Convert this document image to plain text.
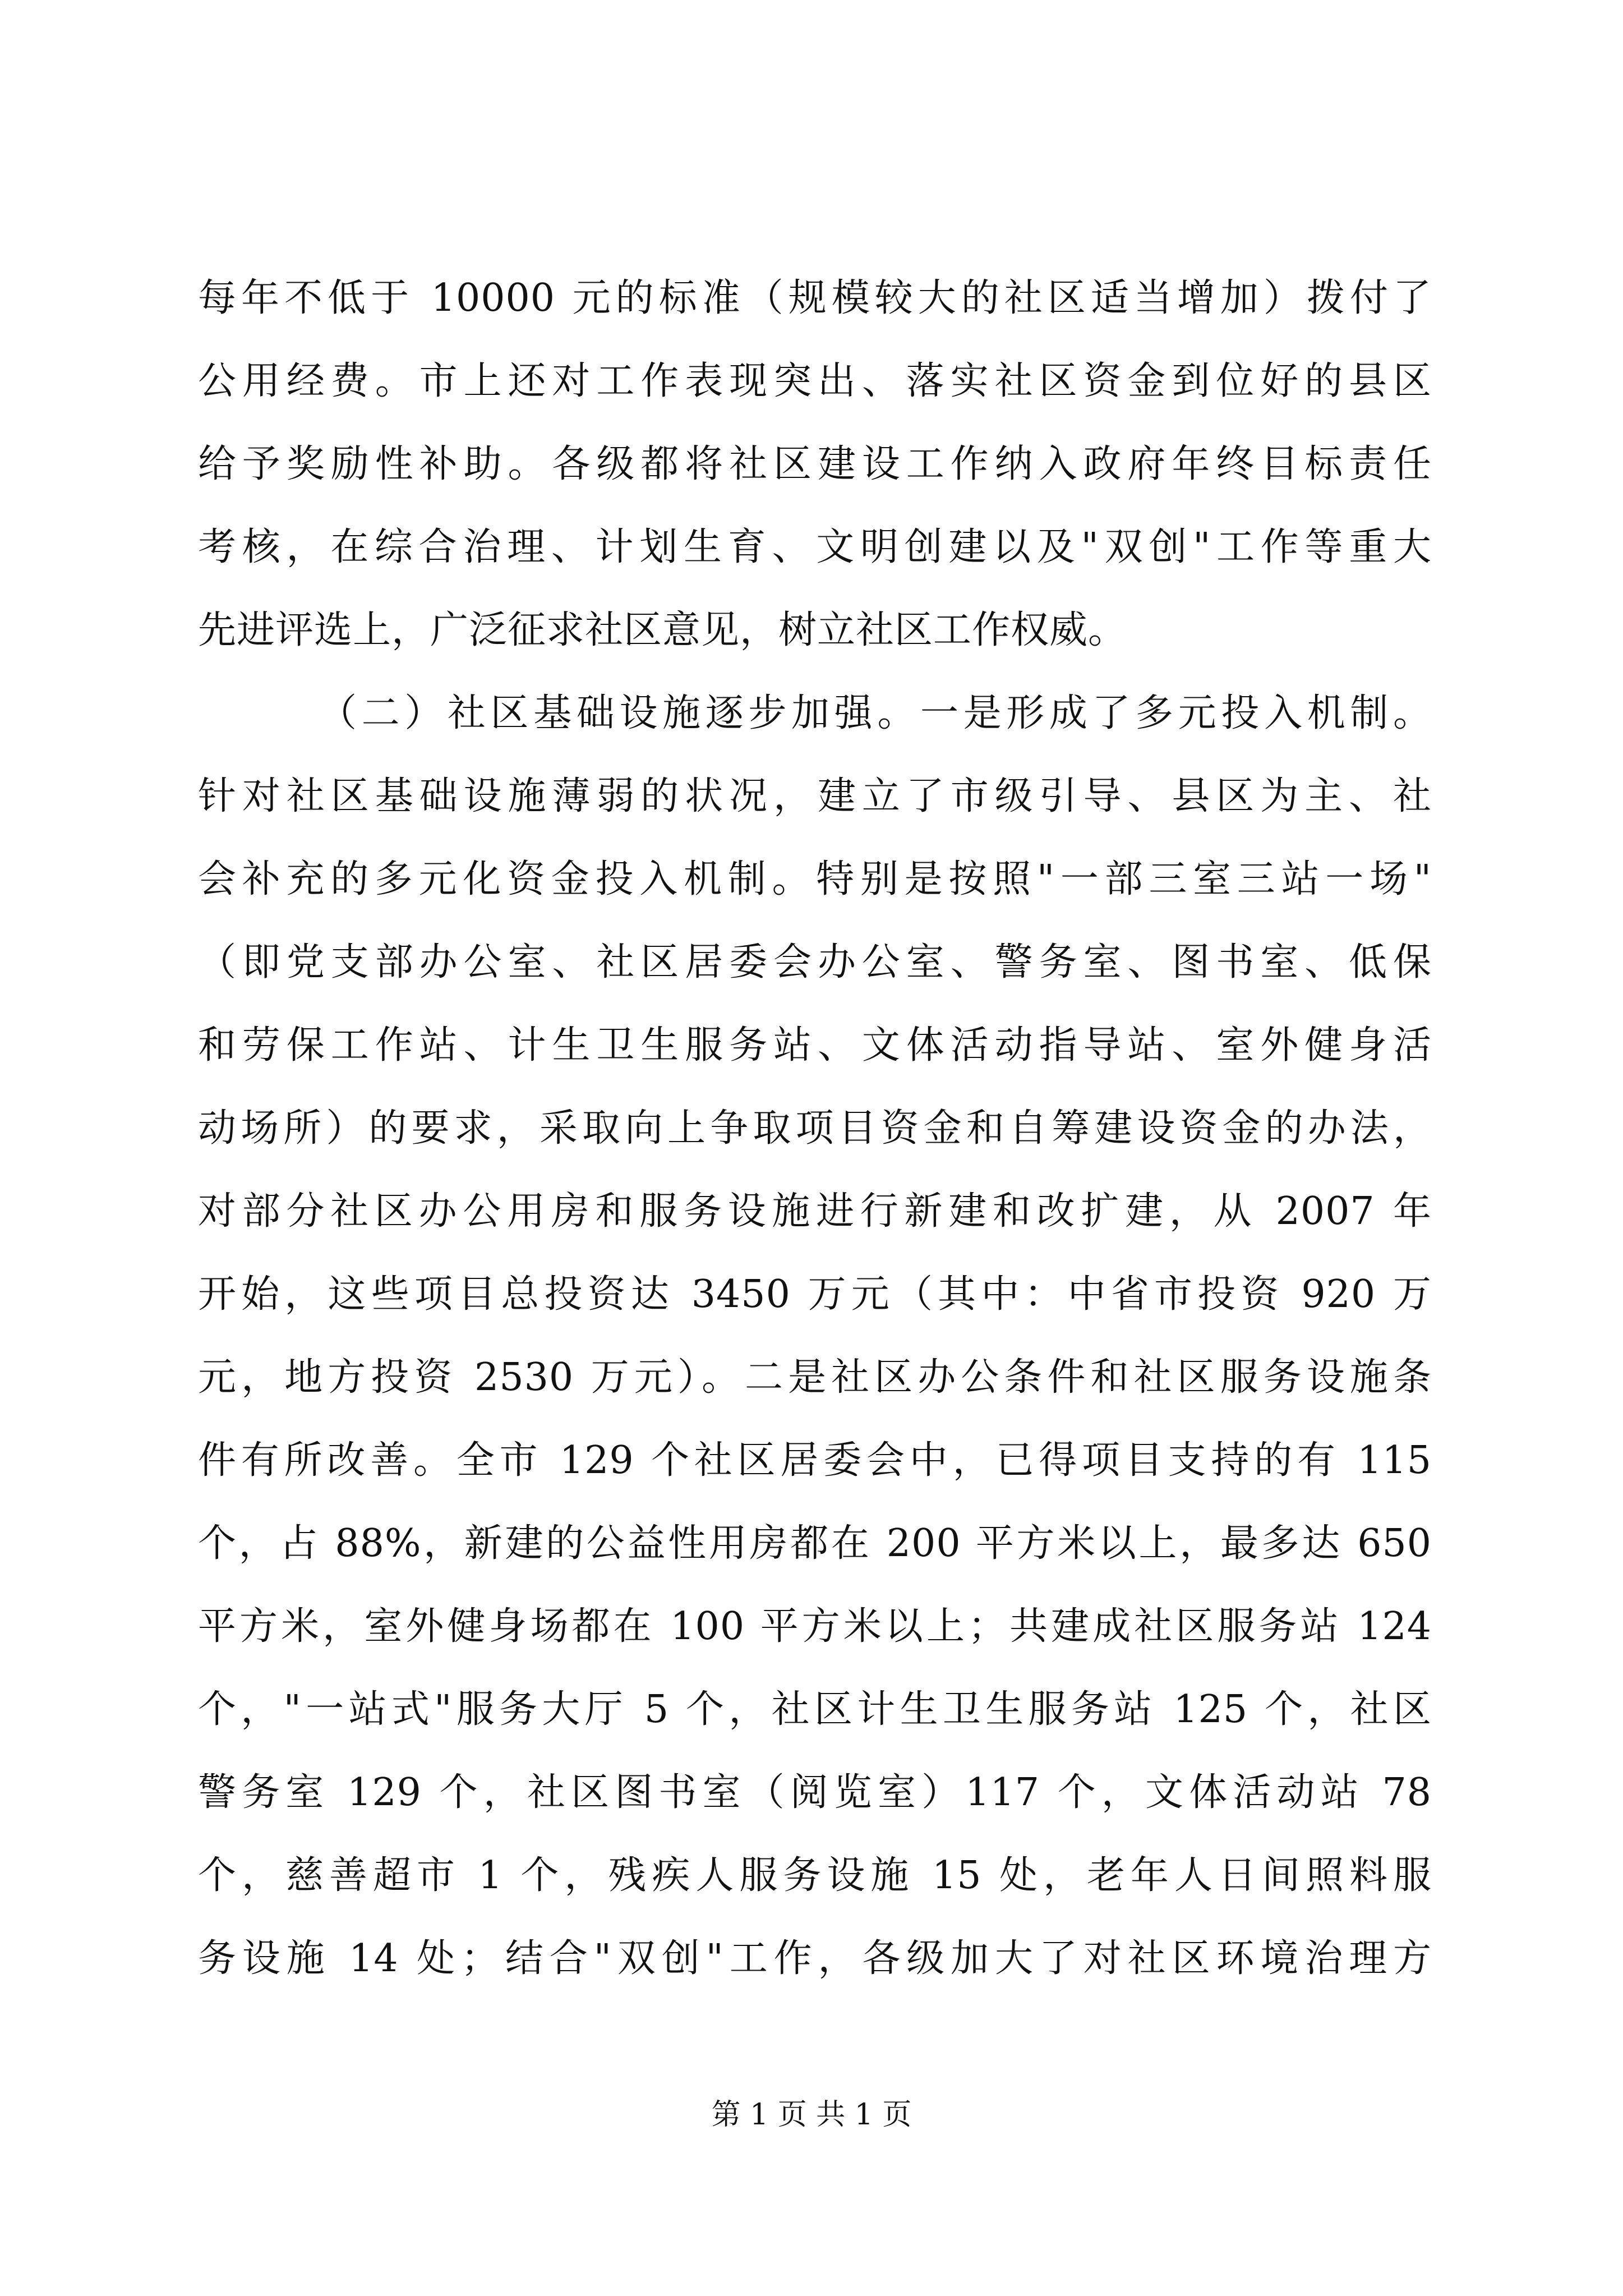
每年不低于 10000 元的标准（规模较大的社区适当增加）拨付了
公用经费。市上还对工作表现突出、落实社区资金到位好的县区
给予奖励性补助。各级都将社区建设工作纳入政府年终目标责任
考核，在综合治理、计划生育、文明创建以及"双创"工作等重大
先进评选上，广泛征求社区意见，树立社区工作权威。
（二）社区基础设施逐步加强。一是形成了多元投入机制。
针对社区基础设施薄弱的状况，建立了市级引导、县区为主、社
会补充的多元化资金投入机制。特别是按照"一部三室三站一场"
（即党支部办公室、社区居委会办公室、警务室、图书室、低保
和劳保工作站、计生卫生服务站、文体活动指导站、室外健身活
动场所）的要求，采取向上争取项目资金和自筹建设资金的办法，
对部分社区办公用房和服务设施进行新建和改扩建，从 2007 年
开始，这些项目总投资达 3450 万元（其中：中省市投资 920 万
元，地方投资 2530 万元）。二是社区办公条件和社区服务设施条
件有所改善。全市 129 个社区居委会中，已得项目支持的有 115
个，占 88%，新建的公益性用房都在 200 平方米以上，最多达 650
平方米，室外健身场都在 100 平方米以上；共建成社区服务站 124
个，"一站式"服务大厅 5 个，社区计生卫生服务站 125 个，社区
警务室 129 个，社区图书室（阅览室）117 个，文体活动站 78
个，慈善超市 1 个，残疾人服务设施 15 处，老年人日间照料服
务设施 14 处；结合"双创"工作，各级加大了对社区环境治理方
第 1 页 共 1 页
